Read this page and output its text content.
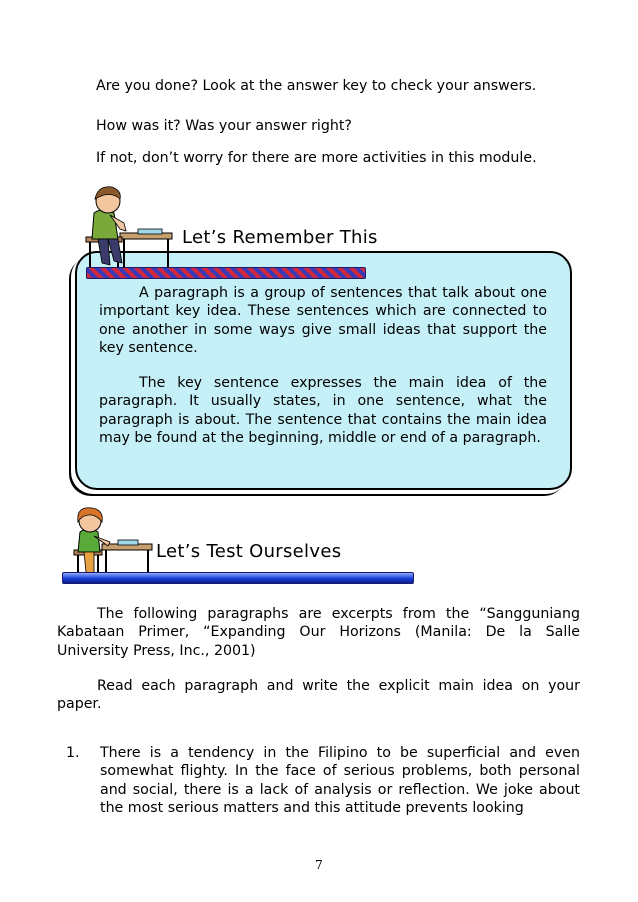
Are you done? Look at the answer key to check your answers.
How was it? Was your answer right?
If not, don’t worry for there are more activities in this module.
Let’s Remember This
A paragraph is a group of sentences that talk about one important key idea. These sentences which are connected to one another in some ways give small ideas that support the key sentence.
The key sentence expresses the main idea of the paragraph. It usually states, in one sentence, what the paragraph is about. The sentence that contains the main idea may be found at the beginning, middle or end of a paragraph.
Let’s Test Ourselves
The following paragraphs are excerpts from the “Sangguniang Kabataan Primer, “Expanding Our Horizons (Manila: De la Salle University Press, Inc., 2001)
Read each paragraph and write the explicit main idea on your paper.
1. There is a tendency in the Filipino to be superficial and even somewhat flighty. In the face of serious problems, both personal and social, there is a lack of analysis or reflection. We joke about the most serious matters and this attitude prevents looking
7
